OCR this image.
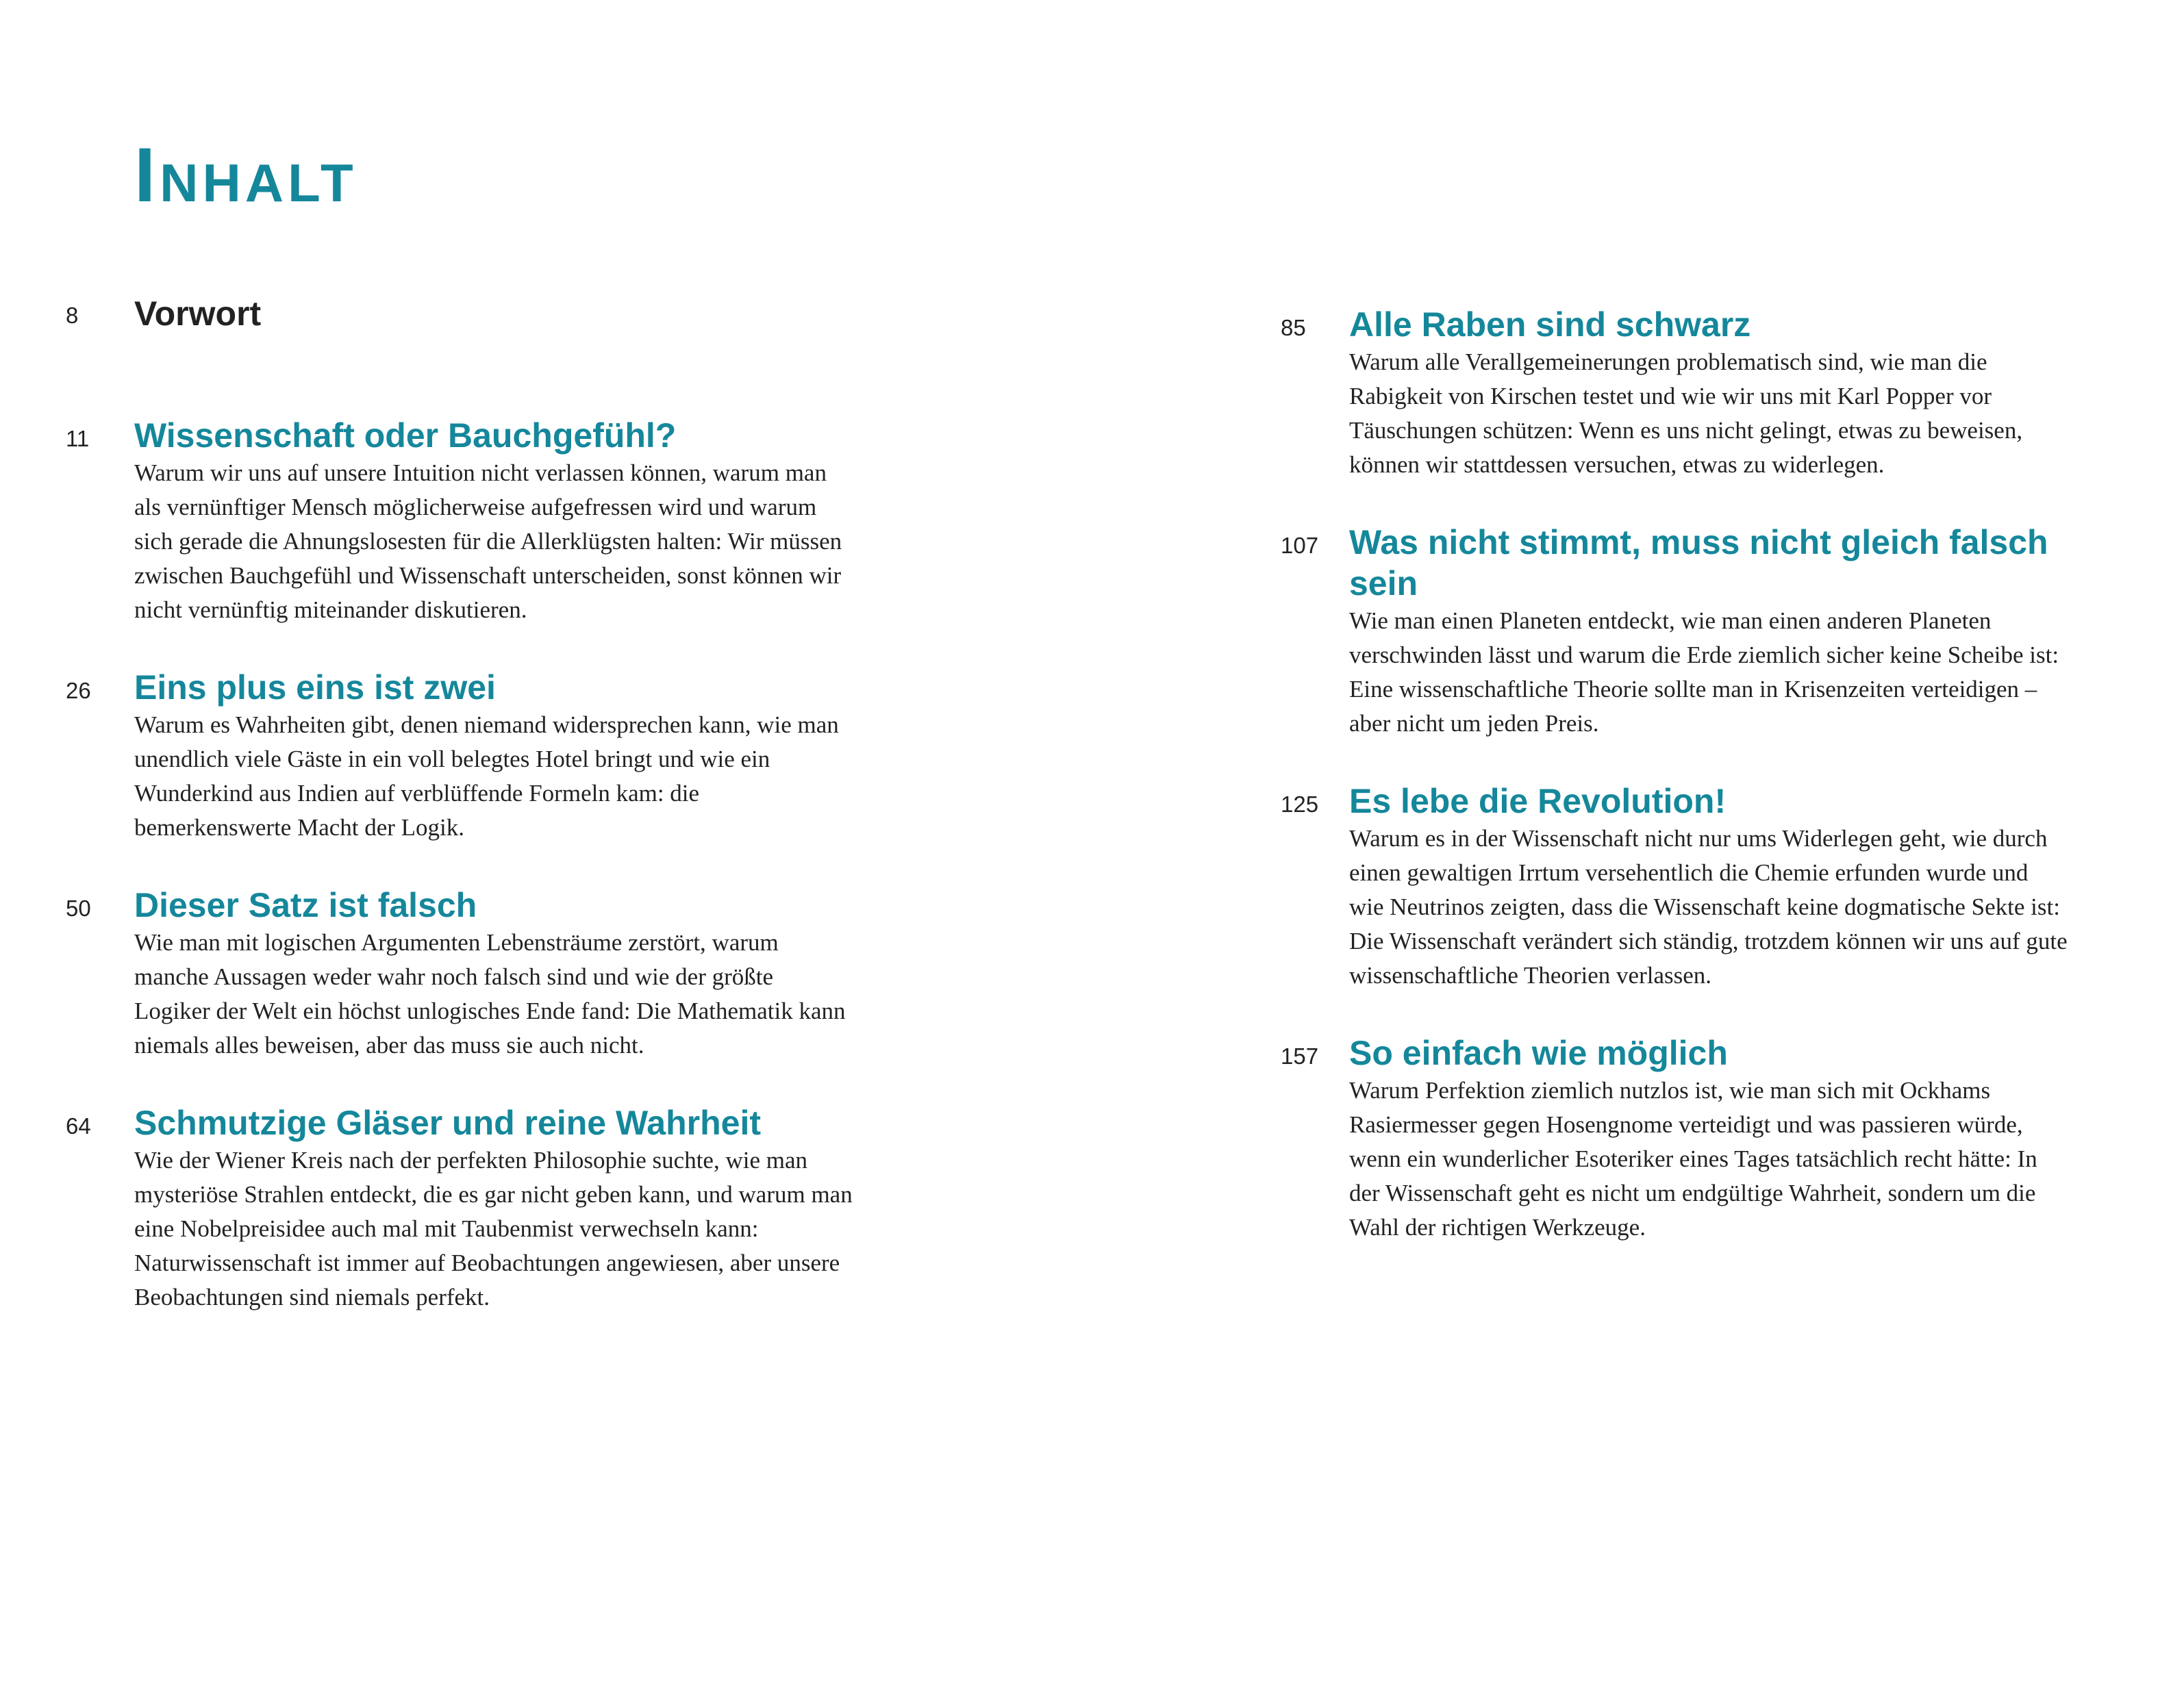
INHALT
8	Vorwort
11	Wissenschaft oder Bauchgefühl?

Warum wir uns auf unsere Intuition nicht verlassen können, warum man als vernünftiger Mensch möglicherweise aufgefressen wird und warum sich gerade die Ahnungslosesten für die Allerklügsten halten: Wir müssen zwischen Bauchgefühl und Wissenschaft unterscheiden, sonst können wir nicht vernünftig miteinander diskutieren.

26	Eins plus eins ist zwei

Warum es Wahrheiten gibt, denen niemand widersprechen kann, wie man unendlich viele Gäste in ein voll belegtes Hotel bringt und wie ein Wunderkind aus Indien auf verblüffende Formeln kam: die bemerkenswerte Macht der Logik.

50	Dieser Satz ist falsch

Wie man mit logischen Argumenten Lebensträume zerstört, warum manche Aussagen weder wahr noch falsch sind und wie der größte Logiker der Welt ein höchst unlogisches Ende fand: Die Mathematik kann niemals alles beweisen, aber das muss sie auch nicht.

64	Schmutzige Gläser und reine Wahrheit

Wie der Wiener Kreis nach der perfekten Philosophie suchte, wie man mysteriöse Strahlen entdeckt, die es gar nicht geben kann, und warum man eine Nobelpreisidee auch mal mit Taubenmist verwechseln kann: Naturwissenschaft ist immer auf Beobachtungen angewiesen, aber unsere Beobachtungen sind niemals perfekt.

85	Alle Raben sind schwarz

Warum alle Verallgemeinerungen problematisch sind, wie man die Rabigkeit von Kirschen testet und wie wir uns mit Karl Popper vor Täuschungen schützen: Wenn es uns nicht gelingt, etwas zu beweisen, können wir stattdessen versuchen, etwas zu widerlegen.

107 Was nicht stimmt, muss nicht gleich falsch sein

Wie man einen Planeten entdeckt, wie man einen anderen Planeten verschwinden lässt und warum die Erde ziemlich sicher keine Scheibe ist: Eine wissenschaftliche Theorie sollte man in Krisenzeiten verteidigen – aber nicht um jeden Preis.

125 Es lebe die Revolution!

Warum es in der Wissenschaft nicht nur ums Widerlegen geht, wie durch einen gewaltigen Irrtum versehentlich die Chemie erfunden wurde und wie Neutrinos zeigten, dass die Wissenschaft keine dogmatische Sekte ist: Die Wissenschaft verändert sich ständig, trotzdem können wir uns auf gute wissenschaftliche Theorien verlassen.

157 So einfach wie möglich

Warum Perfektion ziemlich nutzlos ist, wie man sich mit Ockhams Rasiermesser gegen Hosengnome verteidigt und was passieren würde, wenn ein wunderlicher Esoteriker eines Tages tatsächlich recht hätte: In der Wissenschaft geht es nicht um endgültige Wahrheit, sondern um die Wahl der richtigen Werkzeuge.
